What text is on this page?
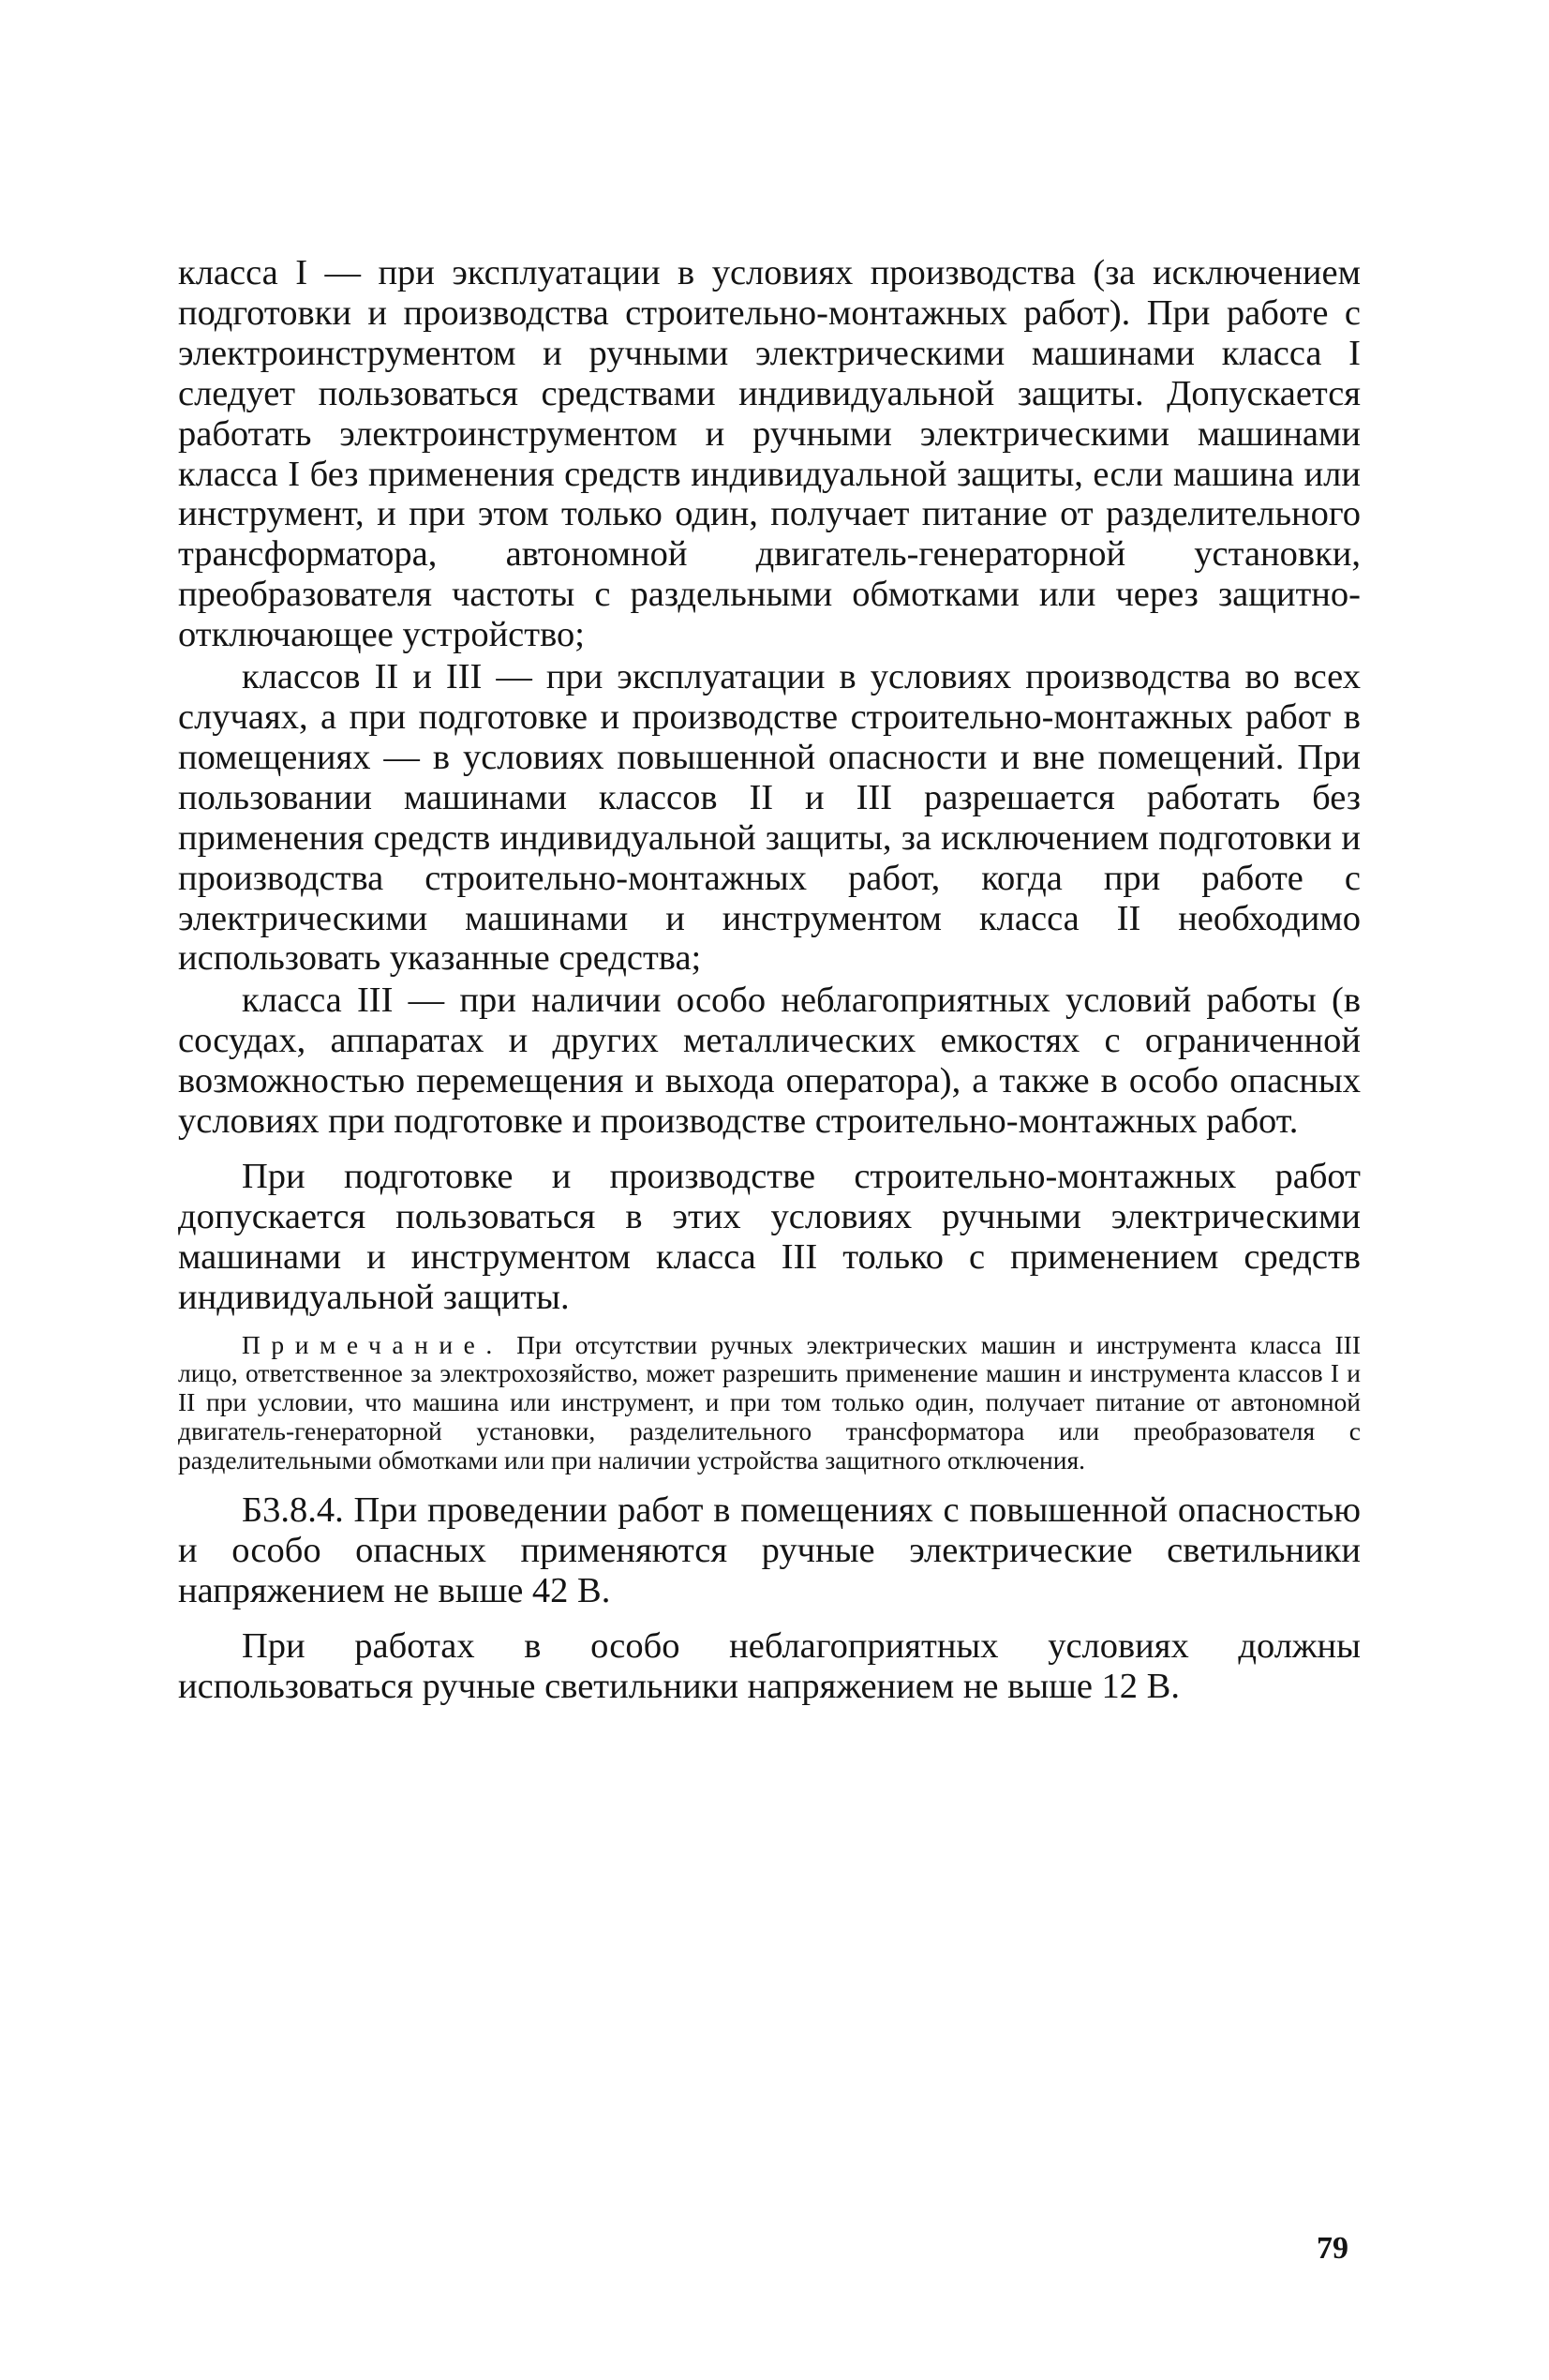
класса I — при эксплуатации в условиях производства (за исключением подготовки и производства строительно-монтажных работ). При работе с электроинструментом и ручными электрическими машинами класса I следует пользоваться средствами индивидуальной защиты. Допускается работать электроинструментом и ручными электрическими машинами класса I без применения средств индивидуальной защиты, если машина или инструмент, и при этом только один, получает питание от разделительного трансформатора, автономной двигатель-генераторной установки, преобразователя частоты с раздельными обмотками или через защитно-отключающее устройство;

классов II и III — при эксплуатации в условиях производства во всех случаях, а при подготовке и производстве строительно-монтажных работ в помещениях — в условиях повышенной опасности и вне помещений. При пользовании машинами классов II и III разрешается работать без применения средств индивидуальной защиты, за исключением подготовки и производства строительно-монтажных работ, когда при работе с электрическими машинами и инструментом класса II необходимо использовать указанные средства;

класса III — при наличии особо неблагоприятных условий работы (в сосудах, аппаратах и других металлических емкостях с ограниченной возможностью перемещения и выхода оператора), а также в особо опасных условиях при подготовке и производстве строительно-монтажных работ.

При подготовке и производстве строительно-монтажных работ допускается пользоваться в этих условиях ручными электрическими машинами и инструментом класса III только с применением средств индивидуальной защиты.

Примечание. При отсутствии ручных электрических машин и инструмента класса III лицо, ответственное за электрохозяйство, может разрешить применение машин и инструмента классов I и II при условии, что машина или инструмент, и при том только один, получает питание от автономной двигатель-генераторной установки, разделительного трансформатора или преобразователя с разделительными обмотками или при наличии устройства защитного отключения.

Б3.8.4. При проведении работ в помещениях с повышенной опасностью и особо опасных применяются ручные электрические светильники напряжением не выше 42 В.

При работах в особо неблагоприятных условиях должны использоваться ручные светильники напряжением не выше 12 В.

79
